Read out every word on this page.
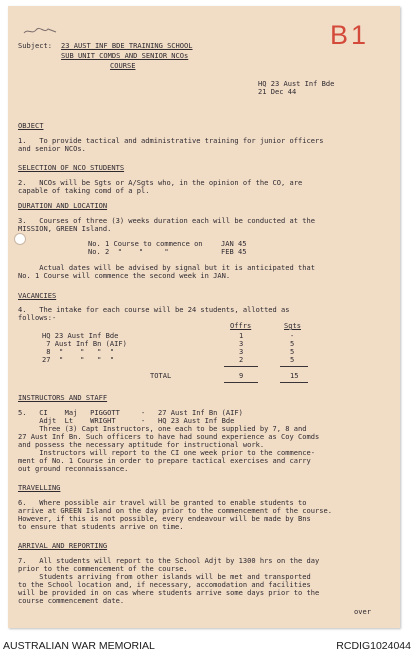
B1
Subject: 23 AUST INF BDE TRAINING SCHOOL
SUB UNIT COMDS AND SENIOR NCOs
COURSE
HQ 23 Aust Inf Bde
21 Dec 44
OBJECT
1.   To provide tactical and administrative training for junior officers
and senior NCOs.
SELECTION OF NCO STUDENTS
2.   NCOs will be Sgts or A/Sgts who, in the opinion of the CO, are
capable of taking comd of a pl.
DURATION AND LOCATION
3.   Courses of three (3) weeks duration each will be conducted at the
MISSION, GREEN Island.
No. 1 Course to commence on	JAN 45
No. 2  "    "     "	FEB 45
Actual dates will be advised by signal but it is anticipated that
No. 1 Course will commence the second week in JAN.
VACANCIES
4.   The intake for each course will be 24 students, allotted as
follows:-
Offrs	Sgts
HQ 23 Aust Inf Bde	1	-
7 Aust Inf Bn (AIF)	3	5
8  "    "   "  "	3	5
27  "    "   "  "	2	5
TOTAL	9	15
INSTRUCTORS AND STAFF
5.   CI    Maj   PIGGOTT     -   27 Aust Inf Bn (AIF)
Adjt  Lt    WRIGHT      -   HQ 23 Aust Inf Bde
Three (3) Capt Instructors, one each to be supplied by 7, 8 and
27 Aust Inf Bn. Such officers to have had sound experience as Coy Comds
and possess the necessary aptitude for instructional work.
Instructors will report to the CI one week prior to the commence-
ment of No. 1 Course in order to prepare tactical exercises and carry
out ground reconnaissance.
TRAVELLING
6.   Where possible air travel will be granted to enable students to
arrive at GREEN Island on the day prior to the commencement of the course.
However, if this is not possible, every endeavour will be made by Bns
to ensure that students arrive on time.
ARRIVAL AND REPORTING
7.   All students will report to the School Adjt by 1300 hrs on the day
prior to the commencement of the course.
Students arriving from other islands will be met and transported
to the School location and, if necessary, accomodation and facilities
will be provided in on cas where students arrive some days prior to the
course commencement date.
over
AUSTRALIAN WAR MEMORIAL	RCDIG1024044
